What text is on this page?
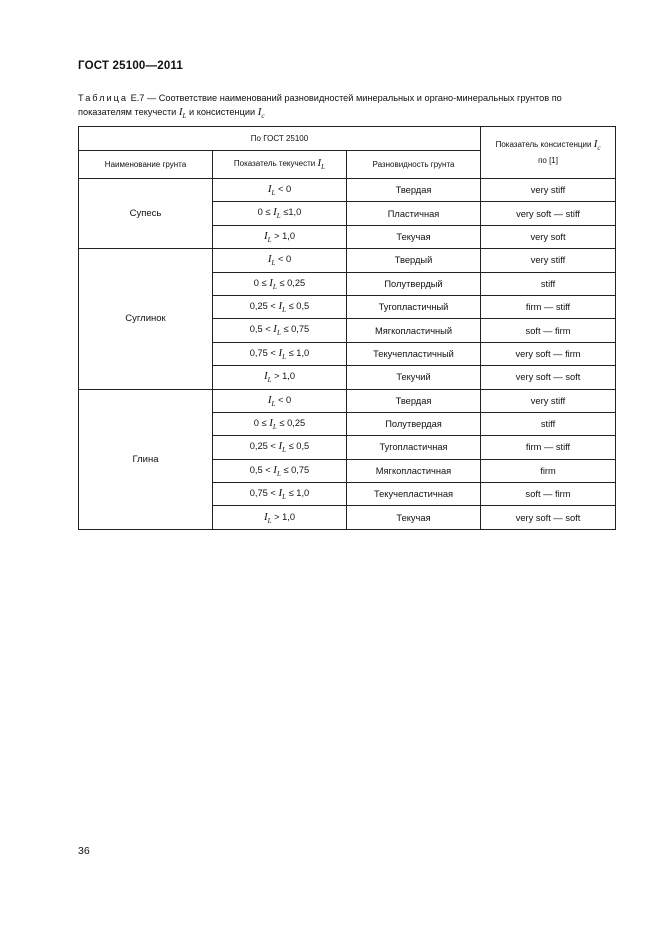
ГОСТ 25100—2011
Таблица Е.7 — Соответствие наименований разновидностей минеральных и органо-минеральных грунтов по показателям текучести $I_L$ и консистенции $I_c$
По ГОСТ 25100			Показатель консистенции $I_c$
по [1]
Наименование грунта	Показатель текучести $I_L$	Разновидность грунта	
Супесь	$I_L < 0$	Твердая	very stiff
	$0 \le I_L \le 1,0$	Пластичная	very soft — stiff
	$I_L > 1,0$	Текучая	very soft
Суглинок	$I_L < 0$	Твердый	very stiff
	$0 \le I_L \le 0,25$	Полутвердый	stiff
	$0,25 < I_L \le 0,5$	Тугопластичный	firm — stiff
	$0,5 < I_L \le 0,75$	Мягкопластичный	soft — firm
	$0,75 < I_L \le 1,0$	Текучепластичный	very soft — firm
	$I_L > 1,0$	Текучий	very soft — soft
Глина	$I_L < 0$	Твердая	very stiff
	$0 \le I_L \le 0,25$	Полутвердая	stiff
	$0,25 < I_L \le 0,5$	Тугопластичная	firm — stiff
	$0,5 < I_L \le 0,75$	Мягкопластичная	firm
	$0,75 < I_L \le 1,0$	Текучепластичная	soft — firm
	$I_L > 1,0$	Текучая	very soft — soft
36
